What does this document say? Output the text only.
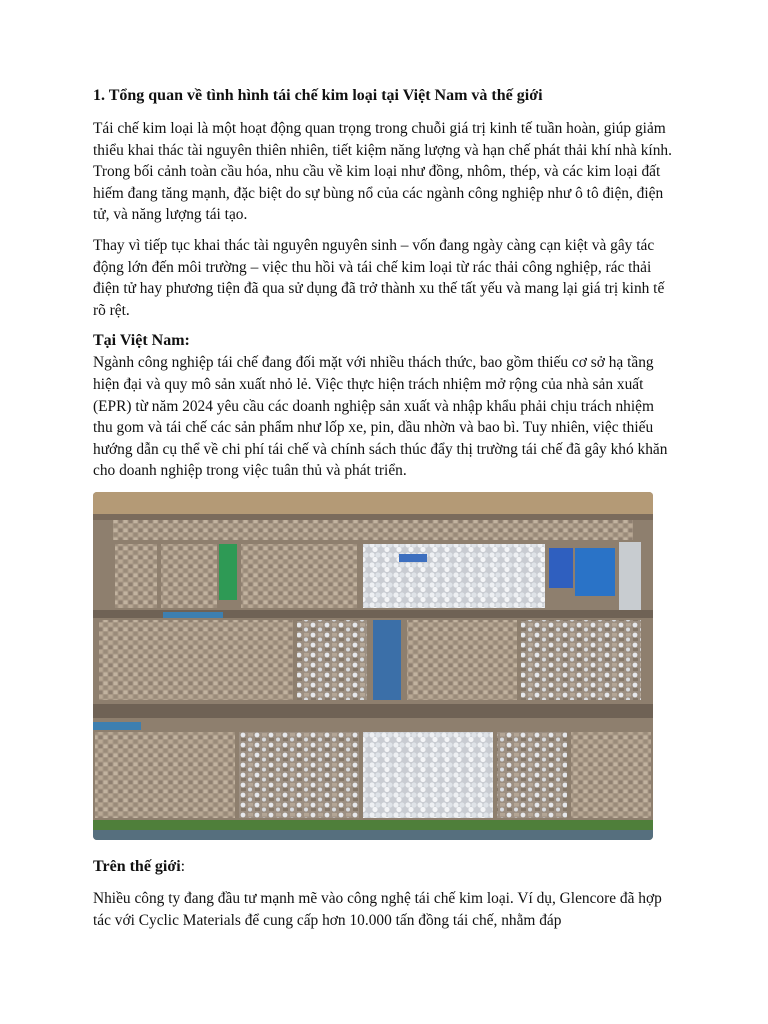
1. Tổng quan về tình hình tái chế kim loại tại Việt Nam và thế giới

Tái chế kim loại là một hoạt động quan trọng trong chuỗi giá trị kinh tế tuần hoàn, giúp giảm thiểu khai thác tài nguyên thiên nhiên, tiết kiệm năng lượng và hạn chế phát thải khí nhà kính. Trong bối cảnh toàn cầu hóa, nhu cầu về kim loại như đồng, nhôm, thép, và các kim loại đất hiếm đang tăng mạnh, đặc biệt do sự bùng nổ của các ngành công nghiệp như ô tô điện, điện tử, và năng lượng tái tạo.

Thay vì tiếp tục khai thác tài nguyên nguyên sinh – vốn đang ngày càng cạn kiệt và gây tác động lớn đến môi trường – việc thu hồi và tái chế kim loại từ rác thải công nghiệp, rác thải điện tử hay phương tiện đã qua sử dụng đã trở thành xu thế tất yếu và mang lại giá trị kinh tế rõ rệt.

Tại Việt Nam:

Ngành công nghiệp tái chế đang đối mặt với nhiều thách thức, bao gồm thiếu cơ sở hạ tầng hiện đại và quy mô sản xuất nhỏ lẻ. Việc thực hiện trách nhiệm mở rộng của nhà sản xuất (EPR) từ năm 2024 yêu cầu các doanh nghiệp sản xuất và nhập khẩu phải chịu trách nhiệm thu gom và tái chế các sản phẩm như lốp xe, pin, dầu nhờn và bao bì. Tuy nhiên, việc thiếu hướng dẫn cụ thể về chi phí tái chế và chính sách thúc đẩy thị trường tái chế đã gây khó khăn cho doanh nghiệp trong việc tuân thủ và phát triển.

Trên thế giới:

Nhiều công ty đang đầu tư mạnh mẽ vào công nghệ tái chế kim loại. Ví dụ, Glencore đã hợp tác với Cyclic Materials để cung cấp hơn 10.000 tấn đồng tái chế, nhằm đáp
